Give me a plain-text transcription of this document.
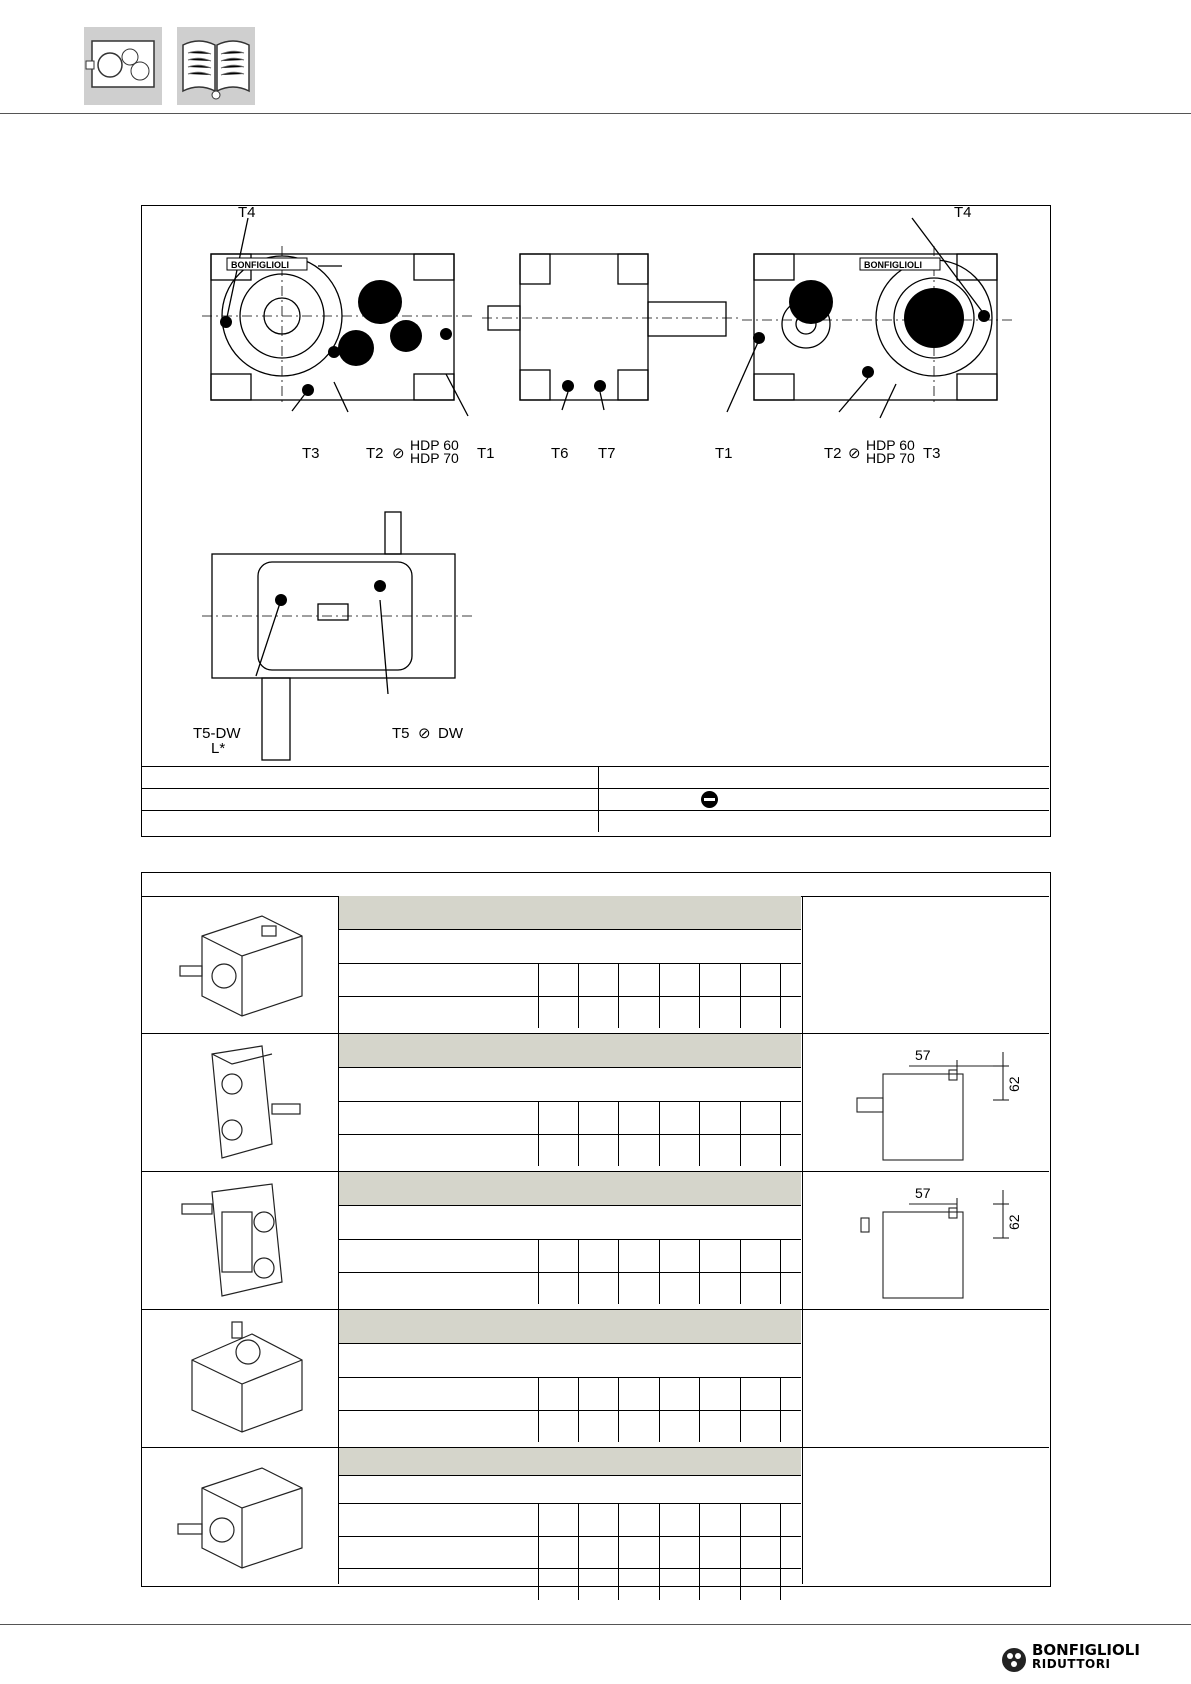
BONFIGLIOLI	BONFIGLIOLI
T4	T4
T3	T2 ⊘ HDP 60
HDP 70 T1	T6 T7	T1	T2 ⊘ HDP 60
HDP 70 T3
T5-DW
L*
T5 ⊘ DW

57
62

57
62

BONFIGLIOLI
RIDUTTORI
